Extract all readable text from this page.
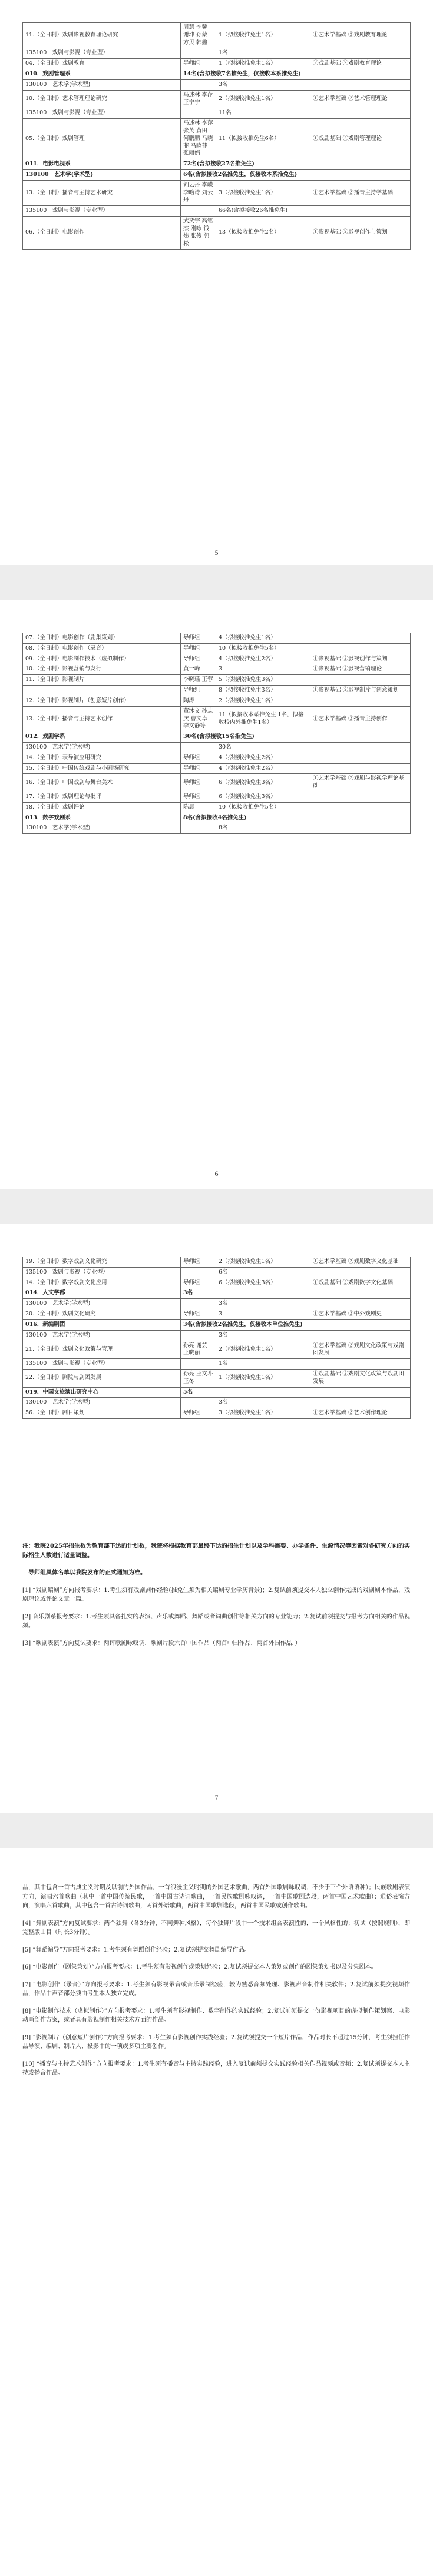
11.（全日制）戏剧影视教育理论研究	周慧 李馨 谢坤 孙蒙 方贝 韩鑫	1（拟接收推免生1名）	①艺术学基础 ②戏剧教育理论
135100　戏剧与影视（专业型）		1名	
04.（全日制）戏剧教育	导师组	1（拟接收推免生1名）	②戏剧基础 ②戏剧教育理论
010．戏剧管理系	14名(含拟接收7名推免生，仅接收本系推免生)		
130100　艺术学(学术型)		3名	
10.（全日制）艺术管理理论研究	马述林 李萍 王宁宁	2（拟接收推免生1名）	①艺术学基础 ②艺术管理理论
135100　戏剧与影视（专业型）		11名	
05.（全日制）戏剧管理	马述林 李萍 张英 黄田 何鹏鹏 马晓菲 马晓菲 张丽娟	11（拟接收推免生6名）	①戏剧基础 ②戏剧管理理论
011．电影电视系	72名(含拟接收27名推免生)		
130100　艺术学(学术型)	6名(含拟接收2名推免生，仅接收本系推免生)		
13.（全日制）播音与主持艺术研究	刘云丹 李嵘 李晗诗 刘云丹	3（拟接收推免生1名）	①艺术学基础 ②播音主持学基础
135100　戏剧与影视（专业型）		66名(含拟接收26名推免生)	
06.（全日制）电影创作	武奕宇 高继杰 刚咏 钱炜 张俊 郭松	13（拟接收推免生2名）	①影视基础 ②影视创作与策划
5
07.（全日制）电影创作（剧集策划）	导师组	4（拟接收推免生1名）	
08.（全日制）电影创作（录音）	导师组	10（拟接收推免生5名）	
09.（全日制）电影制作技术（虚拟制作）	导师组	4（拟接收推免生2名）	①影视基础 ②影视创作与策划
10.（全日制）影视营销与发行	黄一峰	3	①影视基础 ②影视营销理论
11.（全日制）影视制片	李晓瑶 王蓉	5（拟接收推免生3名）	
	导师组	8（拟接收推免生3名）	①影视基础 ②影视制片与创意策划
12.（全日制）影视制片（创意短片创作）	陶涛	2（拟接收推免生1名）	
13.（全日制）播音与主持艺术创作	董沐文 孙志庆 曹文卓 李文静等	11（拟接收本系推免生 1名，拟接收校内外推免生1名）	①艺术学基础 ②播音主持创作
012．戏剧学系	30名(含拟接收15名推免生)		
130100　艺术学(学术型)		30名	
14.（全日制）表导演应用研究	导师组	4（拟接收推免生2名）	
15.（全日制）中国传统戏剧与小剧场研究	导师组	4（拟接收推免生2名）	
16.（全日制）中国戏剧与舞台美术	导师组	6（拟接收推免生3名）	①艺术学基础 ②戏剧与影视学理论基础
17.（全日制）戏剧理论与批评	导师组	6（拟接收推免生3名）	
18.（全日制）戏剧评论	陈晨	10（拟接收推免生5名）	
013．数字戏剧系	8名(含拟接收4名推免生)		
130100　艺术学(学术型)		8名	
6
19.（全日制）数字戏剧文化研究	导师组	2（拟接收推免生1名）	①艺术学基础 ②戏剧数字文化基础
135100　戏剧与影视（专业型）		6名	
14.（全日制）数字戏剧文化应用	导师组	6（拟接收推免生3名）	①戏剧基础 ②戏剧数字文化基础
014．人文学部	3名		
130100　艺术学(学术型)		3名	
20.（全日制）戏剧文化研究	导师组	3	①艺术学基础 ②中外戏剧史
016．新编剧团	3名(含拟接收2名推免生，仅接收本单位推免生)		
130100　艺术学(学术型)		3名	
21.（全日制）戏剧文化政策与管理	孙亮 谢芸 王晓丽	2（拟接收推免生1名）	①艺术学基础 ②戏剧文化政策与戏剧团发展
135100　戏剧与影视（专业型）		1名	
22.（全日制）剧院与剧团发展	孙亮 王文斗 王冬	1（拟接收推免生1名）	①戏剧基础 ②戏剧文化政策与戏剧团发展
019．中国文旅演出研究中心	5名		
130100　艺术学(学术型)		3名	
56.（全日制）剧目策划	导师组	3（拟接收推免生1名）	①艺术学基础 ②艺术创作理论

注：我院2025年招生数为教育部下达的计划数，我院将根据教育部最终下达的招生计划以及学科需要、办学条件、生源情况等因素对各研究方向的实际招生人数进行适量调整。

　导师组具体名单以我院发布的正式通知为准。

[1] “戏剧编剧”方向报考要求：1.考生须有戏剧剧作经验(推免生须为相关编剧专业学历背景)；2.复试前须提交本人独立创作完成的戏剧剧本作品，戏剧理论或评论文章一篇。

[2] 音乐剧系报考要求：1.考生须具备扎实的表演、声乐或舞蹈、舞蹈或者词曲创作等相关方向的专业能力；2.复试前须提交与报考方向相关的作品视频。

[3] “歌剧表演”方向复试要求：两评歌剧咏叹调，歌剧片段六首中国作品（两首中国作品，两首外国作品，）

7

品，其中包含一首古典主义时期及以前的外国作品，一首浪漫主义时期的外国艺术歌曲，两首外国歌剧咏叹调，不少于三个外语语种）；民族歌剧表演方向，演唱六首歌曲（其中一首中国传统民歌，一首中国古诗词歌曲，一首民族歌剧咏叹调，一首中国歌剧选段，两首中国艺术歌曲）；通俗表演方向，演唱六首歌曲，其中包含一首古诗词歌曲，两首外语歌曲，两首中国歌剧选段，两首中国民歌或创作歌曲。

[4] “舞剧表演”方向复试要求：两个独舞（各3分钟，不同舞种风格），每个独舞片段中一个技术组合表演性的，一个风格性的；初试（按照规则），即完整版曲目（时长3分钟）。

[5] “舞蹈编导”方向报考要求：1.考生须有舞蹈创作经验；2.复试须提交舞剧编导作品。

[6] “电影创作（剧集策划）”方向报考要求：1.考生须有影视创作或策划经验；2.复试须提交本人策划或创作的剧集策划书以及分集剧本。

[7] “电影创作（录音）”方向报考要求：1.考生须有影视录音或音乐录制经验，较为熟悉音频处理、影视声音制作相关软件；2.复试前须提交视频作品，作品中声音部分须由考生本人独立完成。

[8] “电影制作技术（虚拟制作）”方向报考要求：1.考生须有影视制作、数字制作的实践经验；2.复试前须提交一份影视项目的虚拟制作策划案、电影动画创作方案，或者具有影视制作相关技术方面的作品。

[9] “影视制片（创意短片创作）”方向报考要求：1.考生须有影视创作实践经验；2.复试须提交一个短片作品，作品时长不超过15分钟，考生须担任作品导演、编剧、制片人、摄影中的一项或多项主要创作。

[10] “播音与主持艺术创作”方向报考要求：1.考生须有播音与主持实践经验，进入复试前须提交实践经验相关作品视频或音频；2.复试须提交本人主持或播音作品。
